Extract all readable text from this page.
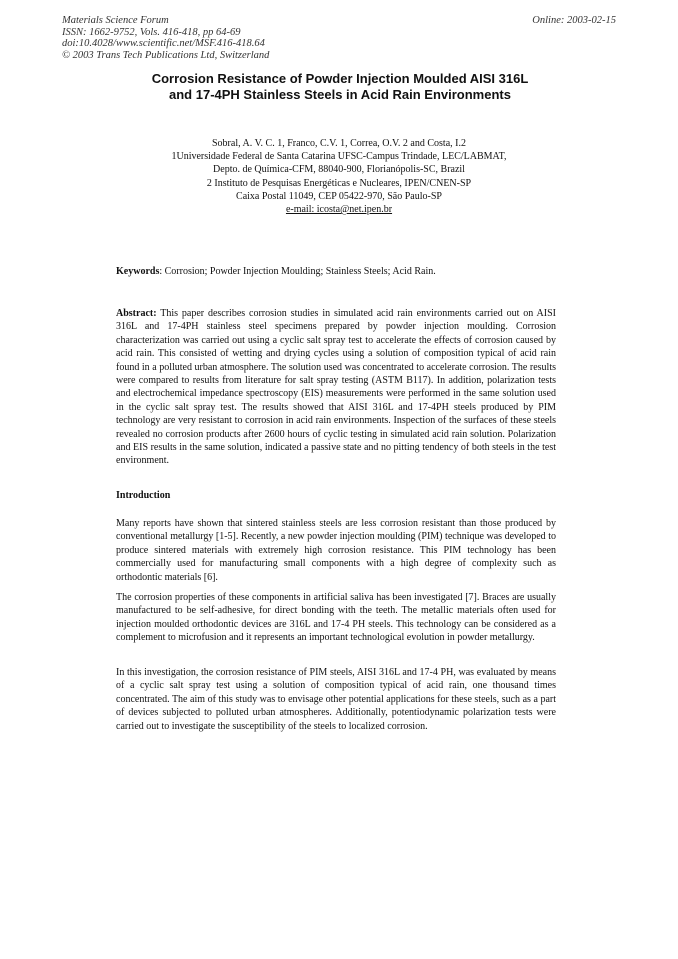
Materials Science Forum
ISSN: 1662-9752, Vols. 416-418, pp 64-69
doi:10.4028/www.scientific.net/MSF.416-418.64
© 2003 Trans Tech Publications Ltd, Switzerland
Online: 2003-02-15
Corrosion Resistance of Powder Injection Moulded AISI 316L
and 17-4PH Stainless Steels in Acid Rain Environments
Sobral, A. V. C. 1, Franco, C.V. 1, Correa, O.V. 2 and Costa, I.2
1Universidade Federal de Santa Catarina UFSC-Campus Trindade, LEC/LABMAT,
Depto. de Química-CFM, 88040-900, Florianópolis-SC, Brazil
2 Instituto de Pesquisas Energéticas e Nucleares, IPEN/CNEN-SP
Caixa Postal 11049, CEP 05422-970, São Paulo-SP
e-mail: icosta@net.ipen.br
Keywords: Corrosion; Powder Injection Moulding; Stainless Steels; Acid Rain.
Abstract: This paper describes corrosion studies in simulated acid rain environments carried out on AISI 316L and 17-4PH stainless steel specimens prepared by powder injection moulding. Corrosion characterization was carried out using a cyclic salt spray test to accelerate the effects of corrosion caused by acid rain. This consisted of wetting and drying cycles using a solution of composition typical of acid rain found in a polluted urban atmosphere. The solution used was concentrated to accelerate corrosion. The results were compared to results from literature for salt spray testing (ASTM B117). In addition, polarization tests and electrochemical impedance spectroscopy (EIS) measurements were performed in the same solution used in the cyclic salt spray test. The results showed that AISI 316L and 17-4PH steels produced by PIM technology are very resistant to corrosion in acid rain environments. Inspection of the surfaces of these steels revealed no corrosion products after 2600 hours of cyclic testing in simulated acid rain solution. Polarization and EIS results in the same solution, indicated a passive state and no pitting tendency of both steels in the test environment.
Introduction
Many reports have shown that sintered stainless steels are less corrosion resistant than those produced by conventional metallurgy [1-5]. Recently, a new powder injection moulding (PIM) technique was developed to produce sintered materials with extremely high corrosion resistance. This PIM technology has been commercially used for manufacturing small components with a high degree of complexity such as orthodontic materials [6].
The corrosion properties of these components in artificial saliva has been investigated [7]. Braces are usually manufactured to be self-adhesive, for direct bonding with the teeth. The metallic materials often used for injection moulded orthodontic devices are 316L and 17-4 PH steels. This technology can be considered as a complement to microfusion and it represents an important technological evolution in powder metallurgy.
In this investigation, the corrosion resistance of PIM steels, AISI 316L and 17-4 PH, was evaluated by means of a cyclic salt spray test using a solution of composition typical of acid rain, one thousand times concentrated. The aim of this study was to envisage other potential applications for these steels, such as a part of devices subjected to polluted urban atmospheres. Additionally, potentiodynamic polarization tests were carried out to investigate the susceptibility of the steels to localized corrosion.
